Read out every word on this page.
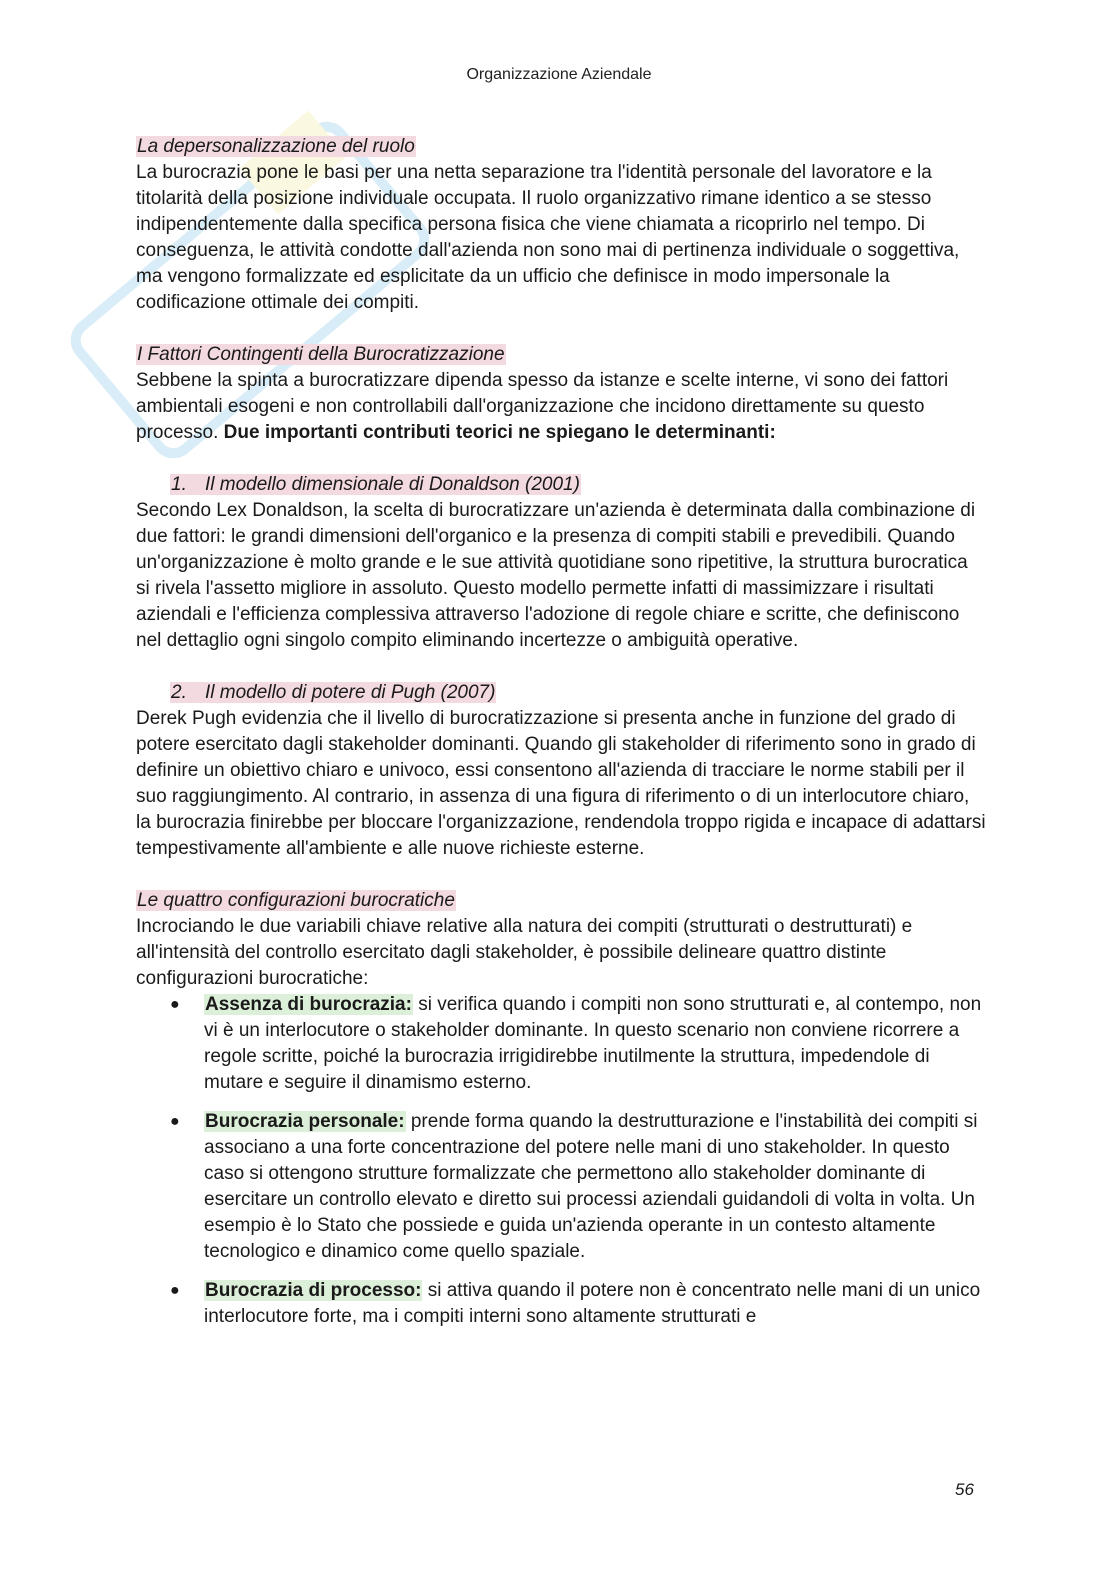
Organizzazione Aziendale

La depersonalizzazione del ruolo

La burocrazia pone le basi per una netta separazione tra l'identità personale del lavoratore e la titolarità della posizione individuale occupata. Il ruolo organizzativo rimane identico a se stesso indipendentemente dalla specifica persona fisica che viene chiamata a ricoprirlo nel tempo. Di conseguenza, le attività condotte dall'azienda non sono mai di pertinenza individuale o soggettiva, ma vengono formalizzate ed esplicitate da un ufficio che definisce in modo impersonale la codificazione ottimale dei compiti.

I Fattori Contingenti della Burocratizzazione

Sebbene la spinta a burocratizzare dipenda spesso da istanze e scelte interne, vi sono dei fattori ambientali esogeni e non controllabili dall'organizzazione che incidono direttamente su questo processo. Due importanti contributi teorici ne spiegano le determinanti:

1. Il modello dimensionale di Donaldson (2001)

Secondo Lex Donaldson, la scelta di burocratizzare un'azienda è determinata dalla combinazione di due fattori: le grandi dimensioni dell'organico e la presenza di compiti stabili e prevedibili. Quando un'organizzazione è molto grande e le sue attività quotidiane sono ripetitive, la struttura burocratica si rivela l'assetto migliore in assoluto. Questo modello permette infatti di massimizzare i risultati aziendali e l'efficienza complessiva attraverso l'adozione di regole chiare e scritte, che definiscono nel dettaglio ogni singolo compito eliminando incertezze o ambiguità operative.

2. Il modello di potere di Pugh (2007)

Derek Pugh evidenzia che il livello di burocratizzazione si presenta anche in funzione del grado di potere esercitato dagli stakeholder dominanti. Quando gli stakeholder di riferimento sono in grado di definire un obiettivo chiaro e univoco, essi consentono all'azienda di tracciare le norme stabili per il suo raggiungimento. Al contrario, in assenza di una figura di riferimento o di un interlocutore chiaro, la burocrazia finirebbe per bloccare l'organizzazione, rendendola troppo rigida e incapace di adattarsi tempestivamente all'ambiente e alle nuove richieste esterne.

Le quattro configurazioni burocratiche

Incrociando le due variabili chiave relative alla natura dei compiti (strutturati o destrutturati) e all'intensità del controllo esercitato dagli stakeholder, è possibile delineare quattro distinte configurazioni burocratiche:

● Assenza di burocrazia: si verifica quando i compiti non sono strutturati e, al contempo, non vi è un interlocutore o stakeholder dominante. In questo scenario non conviene ricorrere a regole scritte, poiché la burocrazia irrigidirebbe inutilmente la struttura, impedendole di mutare e seguire il dinamismo esterno.
● Burocrazia personale: prende forma quando la destrutturazione e l'instabilità dei compiti si associano a una forte concentrazione del potere nelle mani di uno stakeholder. In questo caso si ottengono strutture formalizzate che permettono allo stakeholder dominante di esercitare un controllo elevato e diretto sui processi aziendali guidandoli di volta in volta. Un esempio è lo Stato che possiede e guida un'azienda operante in un contesto altamente tecnologico e dinamico come quello spaziale.
● Burocrazia di processo: si attiva quando il potere non è concentrato nelle mani di un unico interlocutore forte, ma i compiti interni sono altamente strutturati e
56
